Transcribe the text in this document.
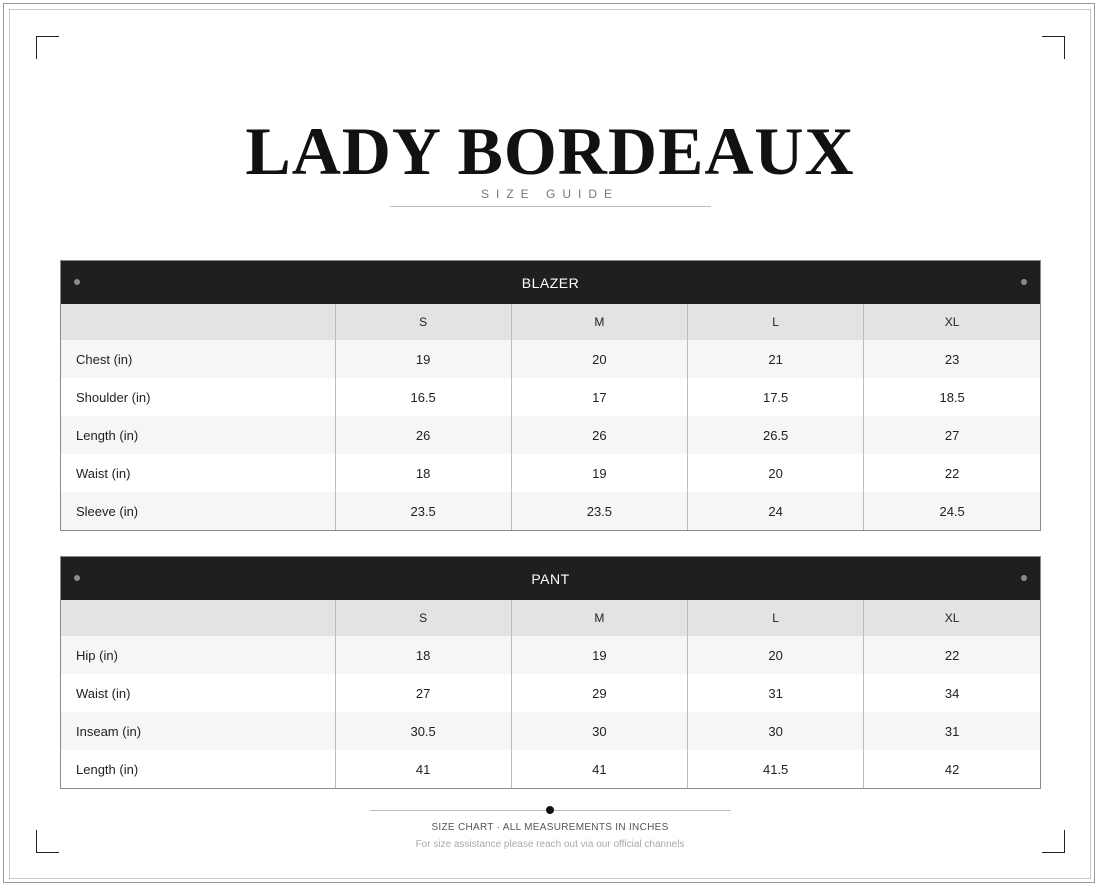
LADY BORDEAUX
SIZE GUIDE
BLAZER
	S	M	L	XL
Chest (in)	19	20	21	23
Shoulder (in)	16.5	17	17.5	18.5
Length (in)	26	26	26.5	27
Waist (in)	18	19	20	22
Sleeve (in)	23.5	23.5	24	24.5
PANT
	S	M	L	XL
Hip (in)	18	19	20	22
Waist (in)	27	29	31	34
Inseam (in)	30.5	30	30	31
Length (in)	41	41	41.5	42
SIZE CHART · ALL MEASUREMENTS IN INCHES
For size assistance please reach out via our official channels
